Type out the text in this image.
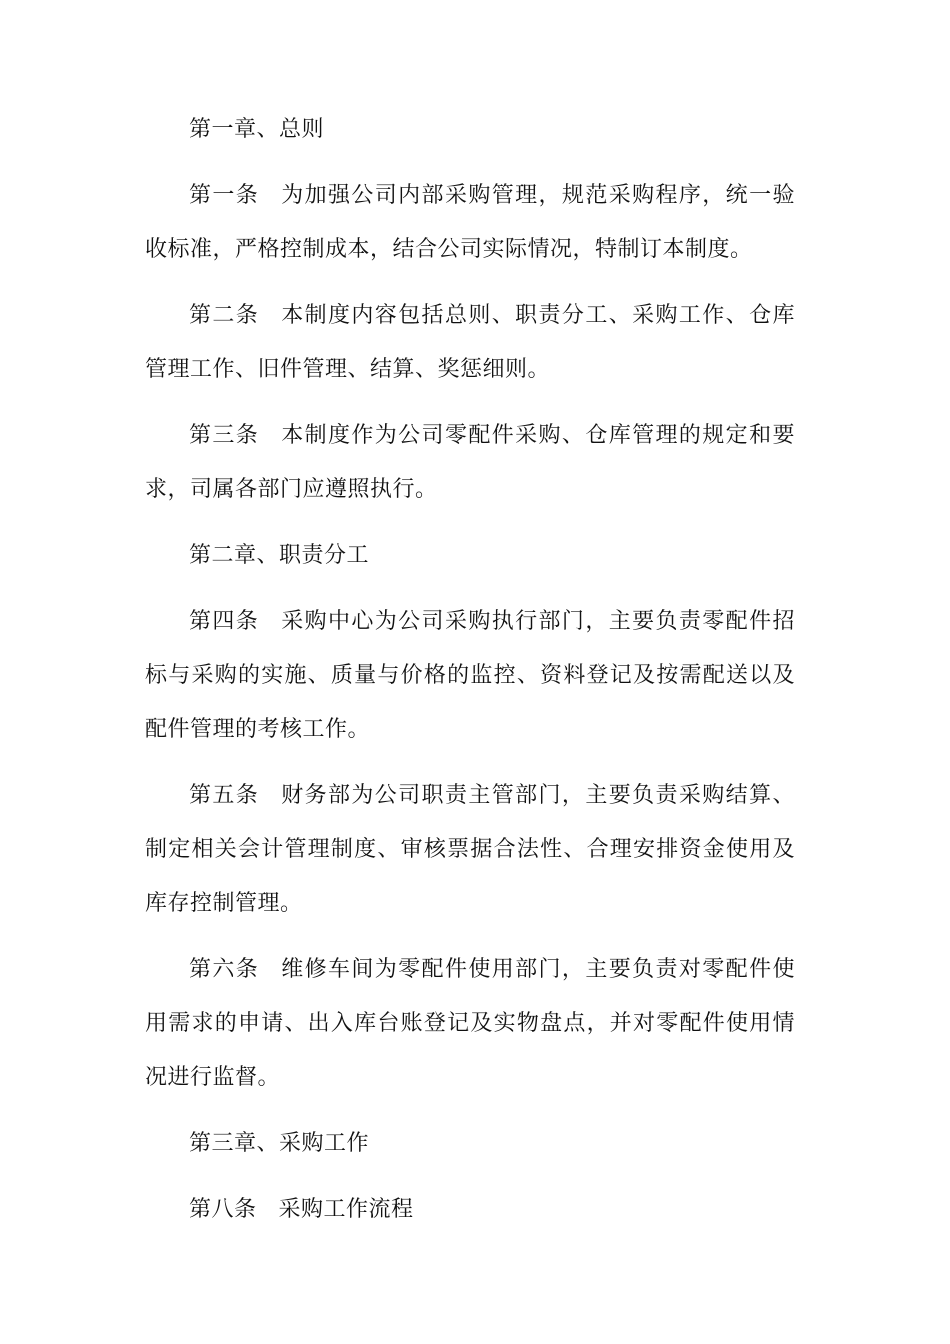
第一章、总则

第一条 为加强公司内部采购管理，规范采购程序，统一验收标准，严格控制成本，结合公司实际情况，特制订本制度。

第二条 本制度内容包括总则、职责分工、采购工作、仓库管理工作、旧件管理、结算、奖惩细则。

第三条 本制度作为公司零配件采购、仓库管理的规定和要求，司属各部门应遵照执行。

第二章、职责分工

第四条 采购中心为公司采购执行部门，主要负责零配件招标与采购的实施、质量与价格的监控、资料登记及按需配送以及配件管理的考核工作。

第五条 财务部为公司职责主管部门，主要负责采购结算、制定相关会计管理制度、审核票据合法性、合理安排资金使用及库存控制管理。

第六条 维修车间为零配件使用部门，主要负责对零配件使用需求的申请、出入库台账登记及实物盘点，并对零配件使用情况进行监督。

第三章、采购工作

第八条 采购工作流程
